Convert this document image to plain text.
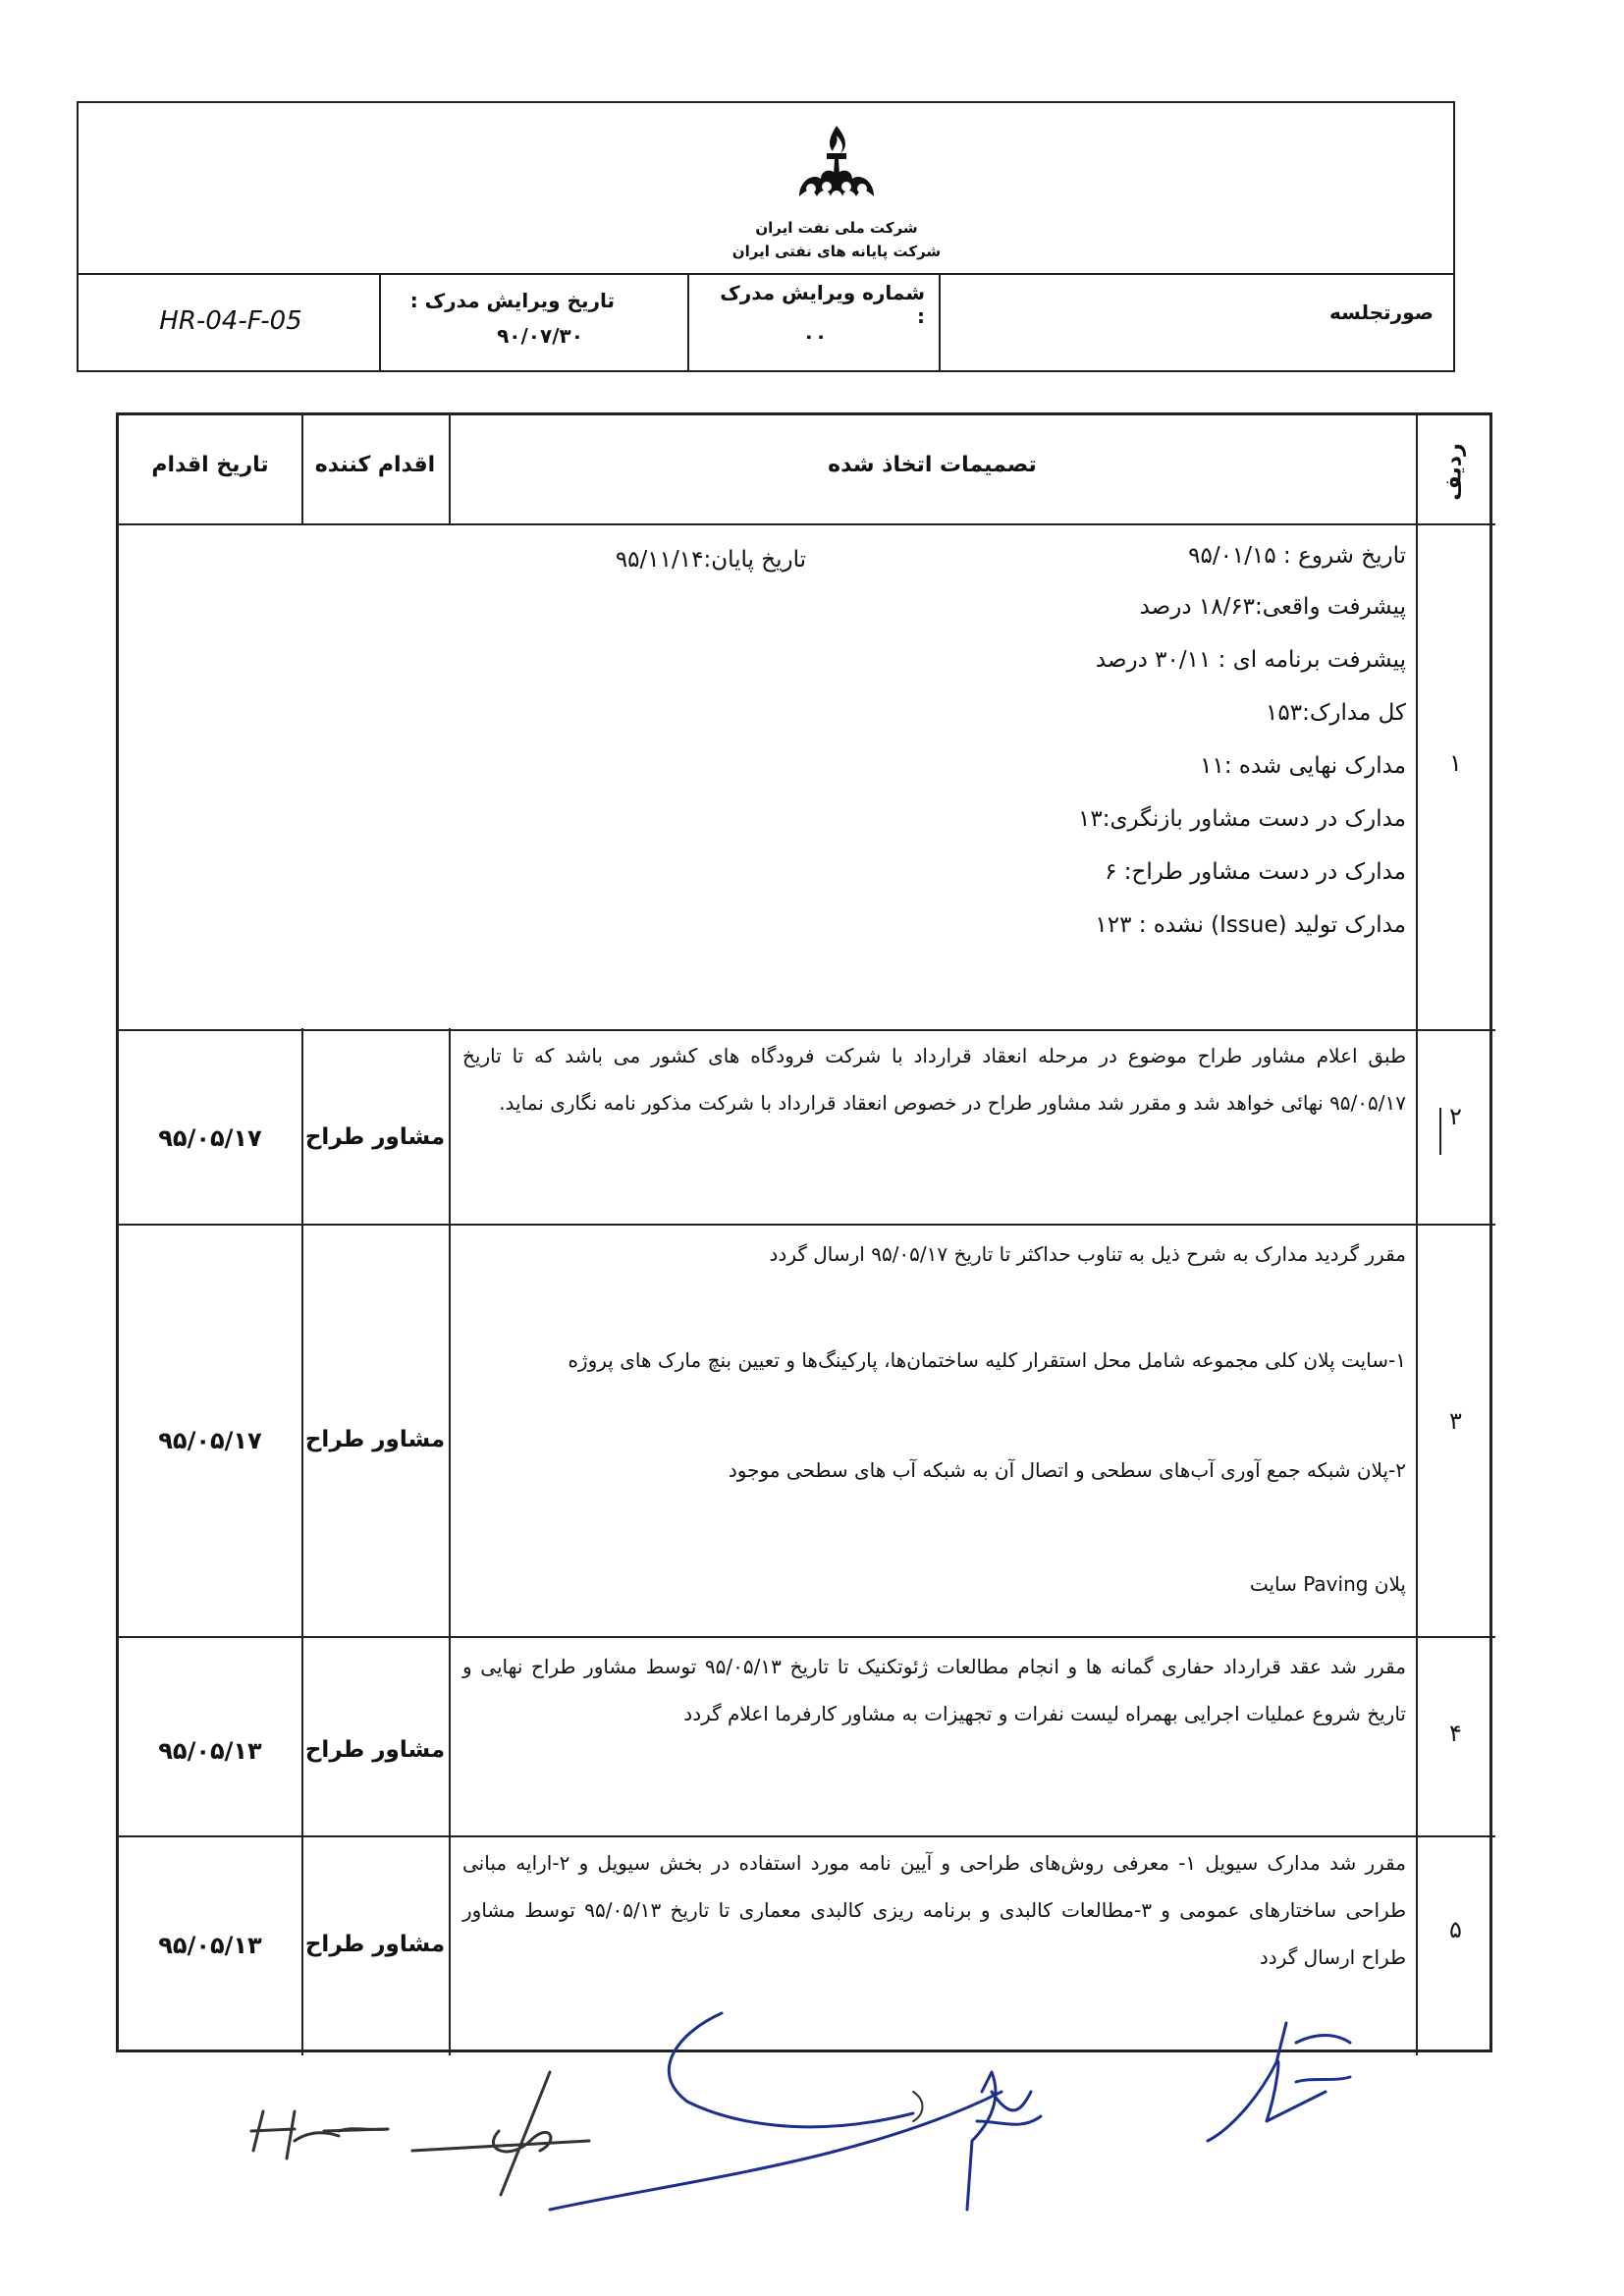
شرکت ملی نفت ایران
شرکت پایانه های نفتی ایران
صورتجلسه
شماره ویرایش مدرک :
۰۰
تاریخ ویرایش مدرک :
۹۰/۰۷/۳۰
HR-04-F-05
ردیف
تصمیمات اتخاذ شده
اقدام کننده
تاریخ اقدام
۱
تاریخ شروع : ۹۵/۰۱/۱۵
تاریخ پایان:۹۵/۱۱/۱۴
پیشرفت واقعی:۱۸/۶۳ درصد
پیشرفت برنامه ای : ۳۰/۱۱ درصد
کل مدارک:۱۵۳
مدارک نهایی شده :۱۱
مدارک در دست مشاور بازنگری:۱۳
مدارک در دست مشاور طراح: ۶
مدارک تولید (Issue) نشده : ۱۲۳
۲
طبق اعلام مشاور طراح موضوع در مرحله انعقاد قرارداد با شرکت فرودگاه های کشور می باشد که تا تاریخ ۹۵/۰۵/۱۷ نهائی خواهد شد و مقرر شد مشاور طراح در خصوص انعقاد قرارداد با شرکت مذکور نامه نگاری نماید.
مشاور طراح
۹۵/۰۵/۱۷
۳
مقرر گردید مدارک به شرح ذیل به تناوب حداکثر تا تاریخ ۹۵/۰۵/۱۷ ارسال گردد
۱-سایت پلان کلی مجموعه شامل محل استقرار کلیه ساختمان‌ها، پارکینگ‌ها و تعیین بنچ مارک های پروژه
۲-پلان شبکه جمع آوری آب‌های سطحی و اتصال آن به شبکه آب های سطحی موجود
پلان Paving سایت
مشاور طراح
۹۵/۰۵/۱۷
۴
مقرر شد عقد قرارداد حفاری گمانه ها و انجام مطالعات ژئوتکنیک تا تاریخ ۹۵/۰۵/۱۳ توسط مشاور طراح نهایی و تاریخ شروع عملیات اجرایی بهمراه لیست نفرات و تجهیزات به مشاور کارفرما اعلام گردد
مشاور طراح
۹۵/۰۵/۱۳
۵
مقرر شد مدارک سیویل ۱- معرفی روش‌های طراحی و آیین نامه مورد استفاده در بخش سیویل و ۲-ارایه مبانی طراحی ساختارهای عمومی و ۳-مطالعات کالبدی و برنامه ریزی کالبدی معماری تا تاریخ ۹۵/۰۵/۱۳ توسط مشاور طراح ارسال گردد
مشاور طراح
۹۵/۰۵/۱۳
